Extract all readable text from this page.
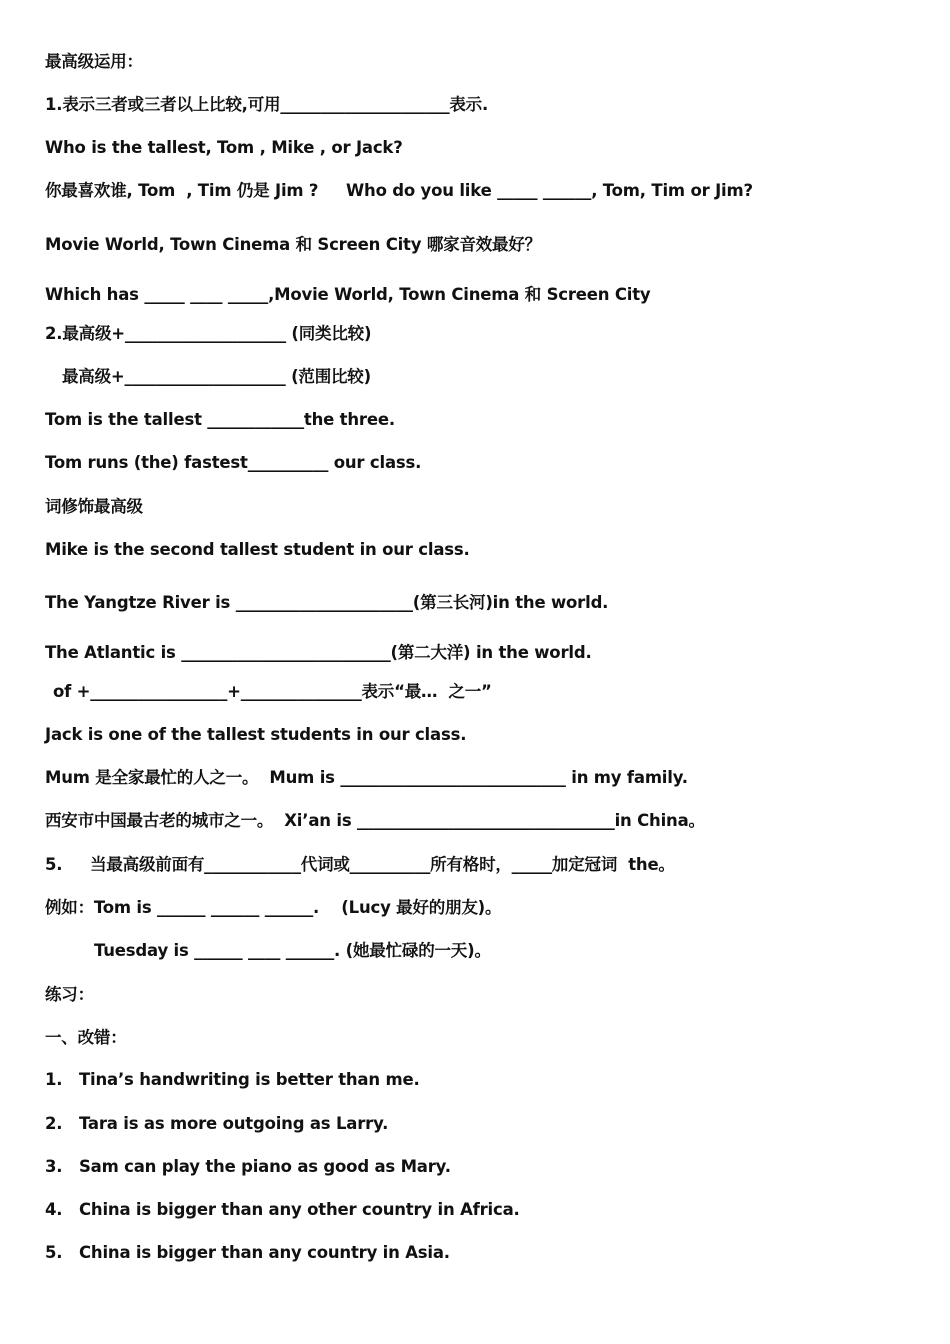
最高级运用：
1.表示三者或三者以上比较,可用_____________________表示.
Who is the tallest, Tom , Mike , or Jack?
你最喜欢谁, Tom  , Tim 仍是 Jim ?     Who do you like _____ ______, Tom, Tim or Jim?
Movie World, Town Cinema 和 Screen City 哪家音效最好？
Which has _____ ____ _____,Movie World, Town Cinema 和 Screen City
2.最高级+____________________ (同类比较)
最高级+____________________ (范围比较)
Tom is the tallest ____________the three.
Tom runs (the) fastest__________ our class.
词修饰最高级
Mike is the second tallest student in our class.
The Yangtze River is ______________________(第三长河)in the world.
The Atlantic is __________________________(第二大洋) in the world.
of +_________________+_______________表示“最…  之一”
Jack is one of the tallest students in our class.
Mum 是全家最忙的人之一。  Mum is ____________________________ in my family.
西安市中国最古老的城市之一。  Xi’an is ________________________________in China。
5.     当最高级前面有____________代词或__________所有格时，_____加定冠词  the。
例如：Tom is ______ ______ ______.    (Lucy 最好的朋友)。
Tuesday is ______ ____ ______. (她最忙碌的一天)。
练习：
一、改错：
1.   Tina’s handwriting is better than me.
2.   Tara is as more outgoing as Larry.
3.   Sam can play the piano as good as Mary.
4.   China is bigger than any other country in Africa.
5.   China is bigger than any country in Asia.
